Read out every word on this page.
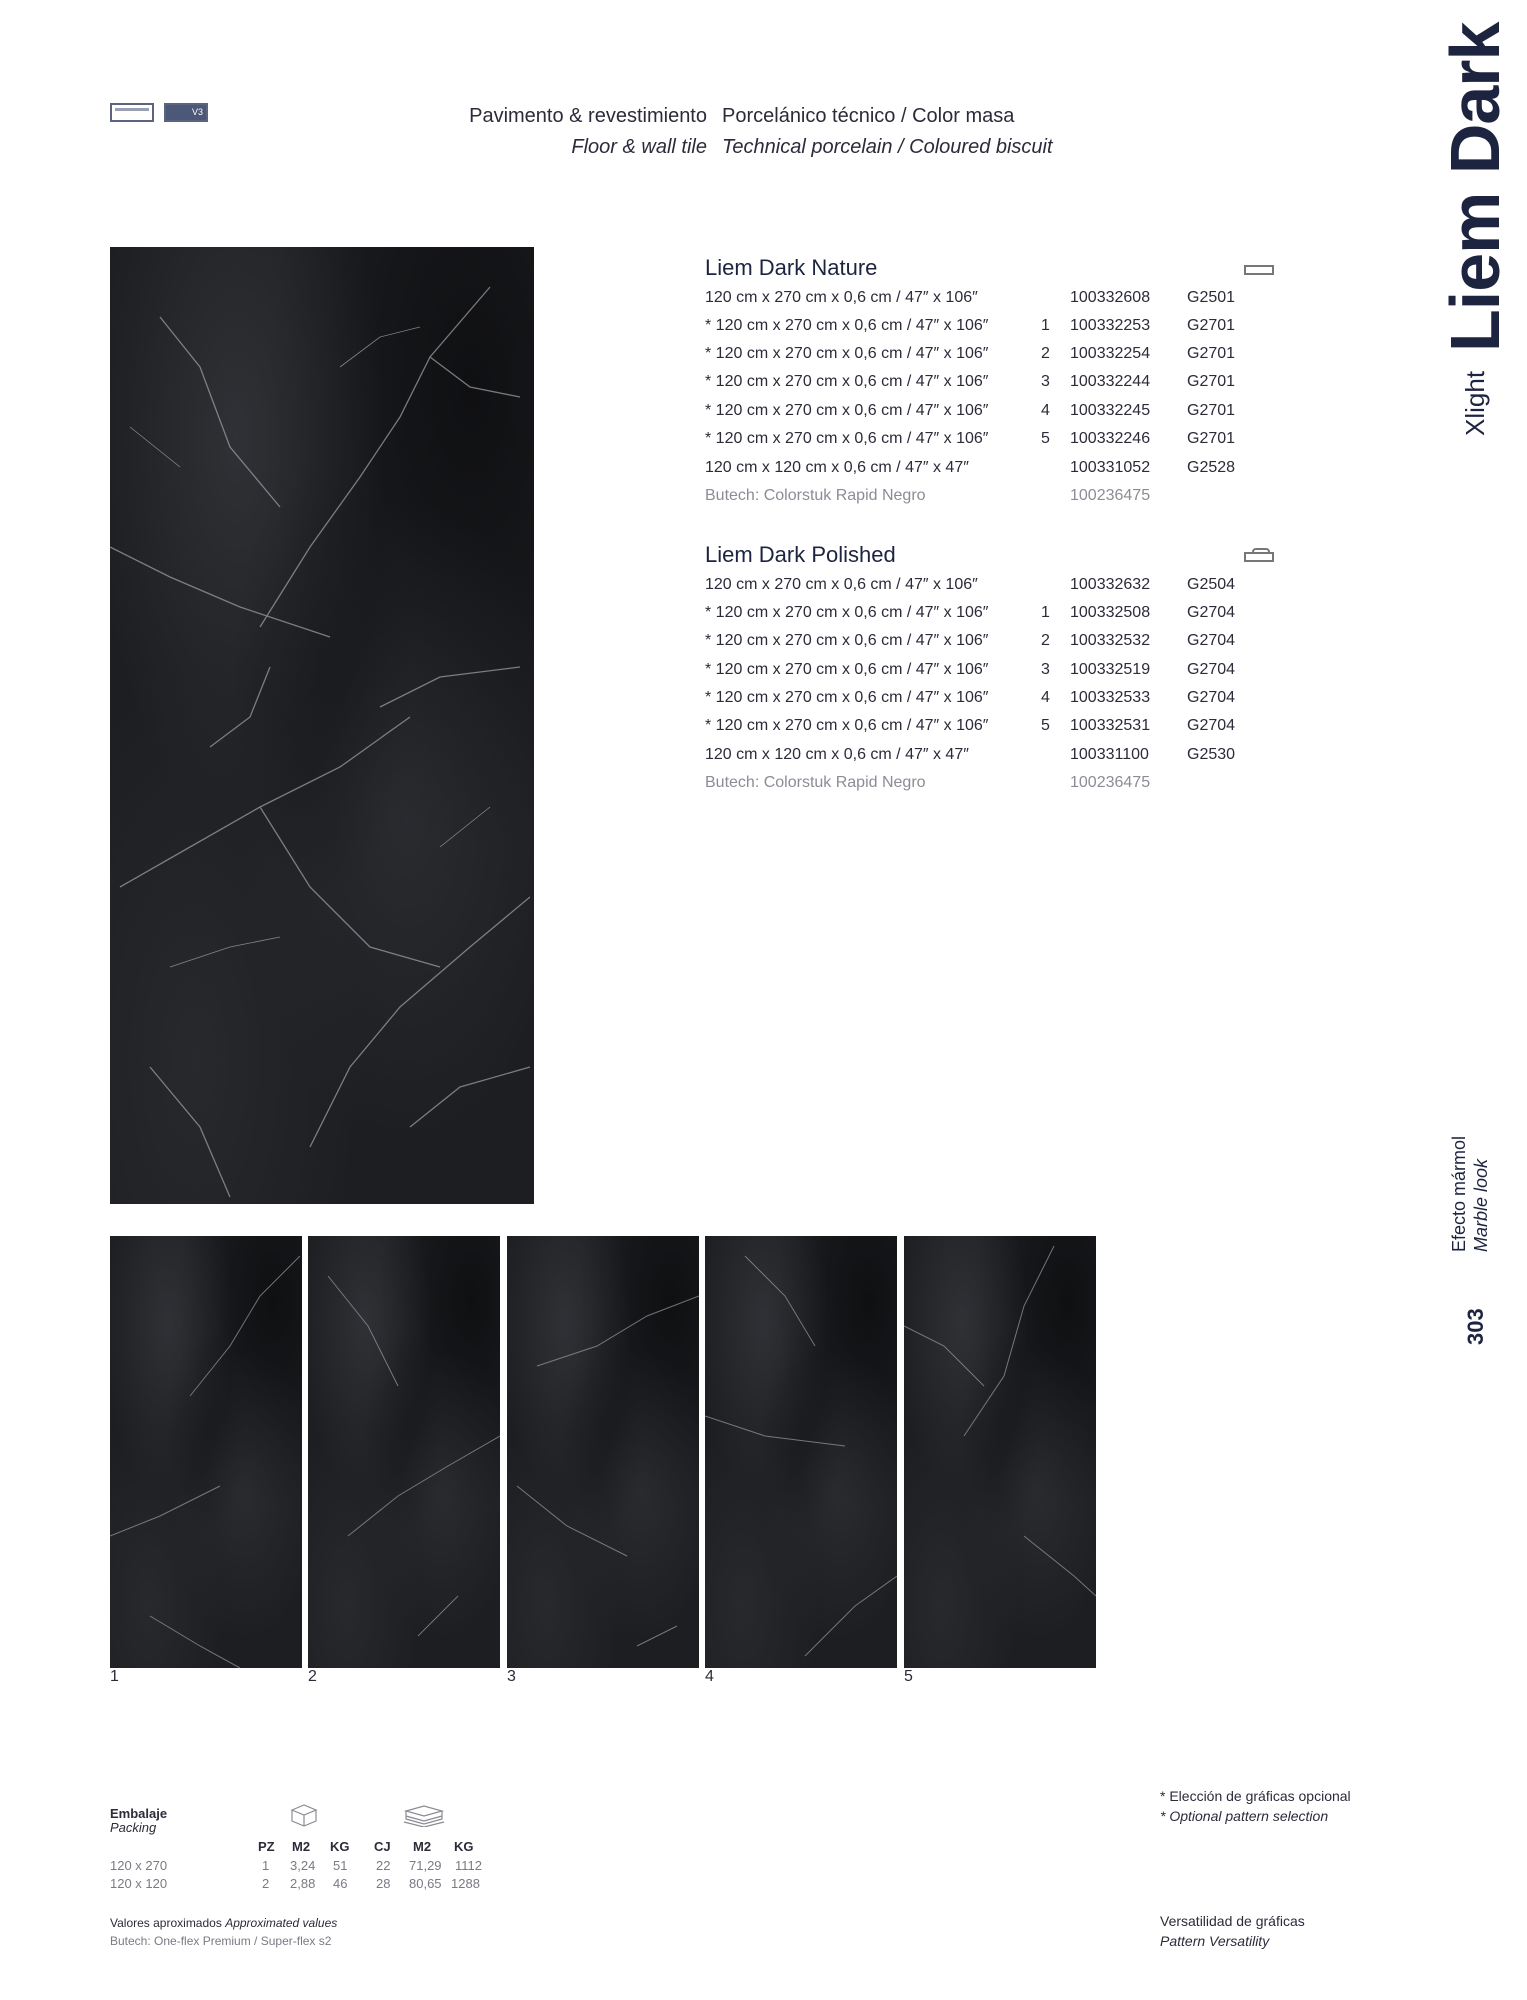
V3	Pavimento & revestimiento
Floor & wall tile
Porcelánico técnico / Color masa
Technical porcelain / Coloured biscuit	Liem Dark
Xlight
Efecto mármol Marble look
303
Liem Dark Nature
120 cm x 270 cm x 0,6 cm / 47″ x 106″	100332608 G2501
* 120 cm x 270 cm x 0,6 cm / 47″ x 106″	1 100332253 G2701
* 120 cm x 270 cm x 0,6 cm / 47″ x 106″	2 100332254 G2701
* 120 cm x 270 cm x 0,6 cm / 47″ x 106″	3 100332244 G2701
* 120 cm x 270 cm x 0,6 cm / 47″ x 106″	4 100332245 G2701
* 120 cm x 270 cm x 0,6 cm / 47″ x 106″	5 100332246 G2701
120 cm x 120 cm x 0,6 cm / 47″ x 47″	100331052 G2528
Butech: Colorstuk Rapid Negro	100236475
Liem Dark Polished
120 cm x 270 cm x 0,6 cm / 47″ x 106″	100332632 G2504
* 120 cm x 270 cm x 0,6 cm / 47″ x 106″	1 100332508 G2704
* 120 cm x 270 cm x 0,6 cm / 47″ x 106″	2 100332532 G2704
* 120 cm x 270 cm x 0,6 cm / 47″ x 106″	3 100332519 G2704
* 120 cm x 270 cm x 0,6 cm / 47″ x 106″	4 100332533 G2704
* 120 cm x 270 cm x 0,6 cm / 47″ x 106″	5 100332531 G2704
120 cm x 120 cm x 0,6 cm / 47″ x 47″	100331100 G2530
Butech: Colorstuk Rapid Negro	100236475
1	2	3	4	5
Embalaje
Packing
PZ M2 KG CJ M2 KG
120 x 270	1 3,24 51 22 71,29 1112
120 x 120	2 2,88 46 28 80,65 1288
Valores aproximados Approximated values
Butech: One-flex Premium / Super-flex s2
* Elección de gráficas opcional
* Optional pattern selection
Versatilidad de gráficas
Pattern Versatility
